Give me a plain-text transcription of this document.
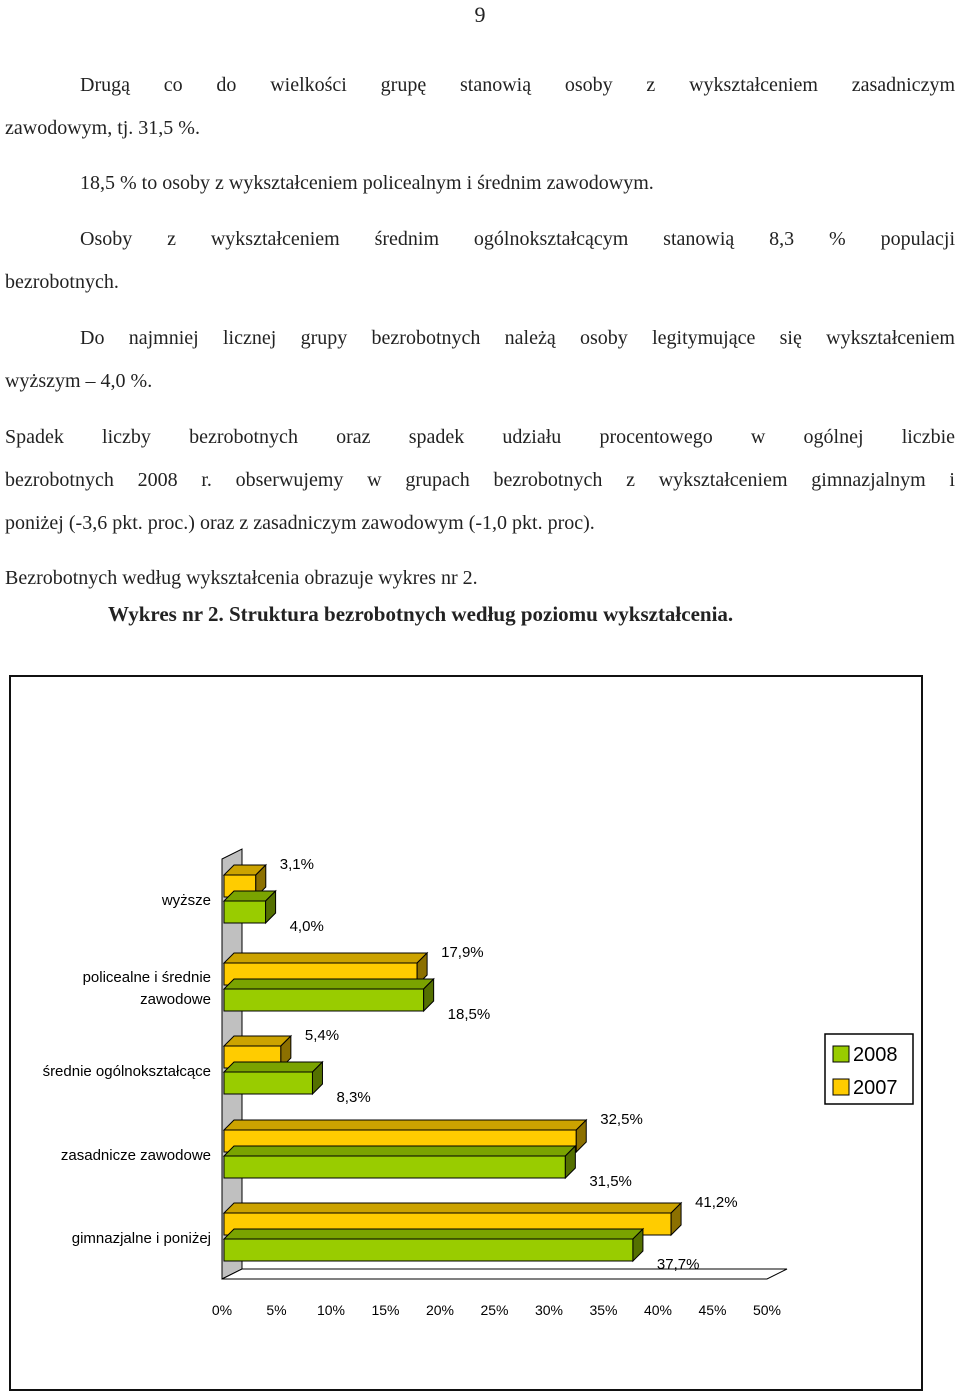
9
Drugą co do wielkości grupę stanowią osoby z wykształceniem zasadniczym
zawodowym, tj. 31,5 %.
18,5 % to osoby z wykształceniem policealnym i średnim zawodowym.
Osoby z wykształceniem średnim ogólnokształcącym stanowią 8,3 % populacji
bezrobotnych.
Do najmniej licznej grupy bezrobotnych należą osoby legitymujące się wykształceniem
wyższym – 4,0 %.
Spadek liczby bezrobotnych oraz spadek udziału procentowego w ogólnej liczbie
bezrobotnych 2008 r. obserwujemy w grupach bezrobotnych z wykształceniem gimnazjalnym i
poniżej (-3,6 pkt. proc.) oraz z zasadniczym zawodowym (-1,0 pkt. proc).
Bezrobotnych według wykształcenia obrazuje wykres nr 2.
Wykres nr 2. Struktura bezrobotnych według poziomu wykształcenia.
0% 5% 10% 15% 20% 25% 30% 35% 40% 45% 50%
3,1%
4,0%
wyższe
17,9%
18,5%
policealne i średnie
zawodowe
5,4%
8,3%
średnie ogólnokształcące
32,5%
31,5%
zasadnicze zawodowe
41,2%
37,7%
gimnazjalne i poniżej
2008
2007
